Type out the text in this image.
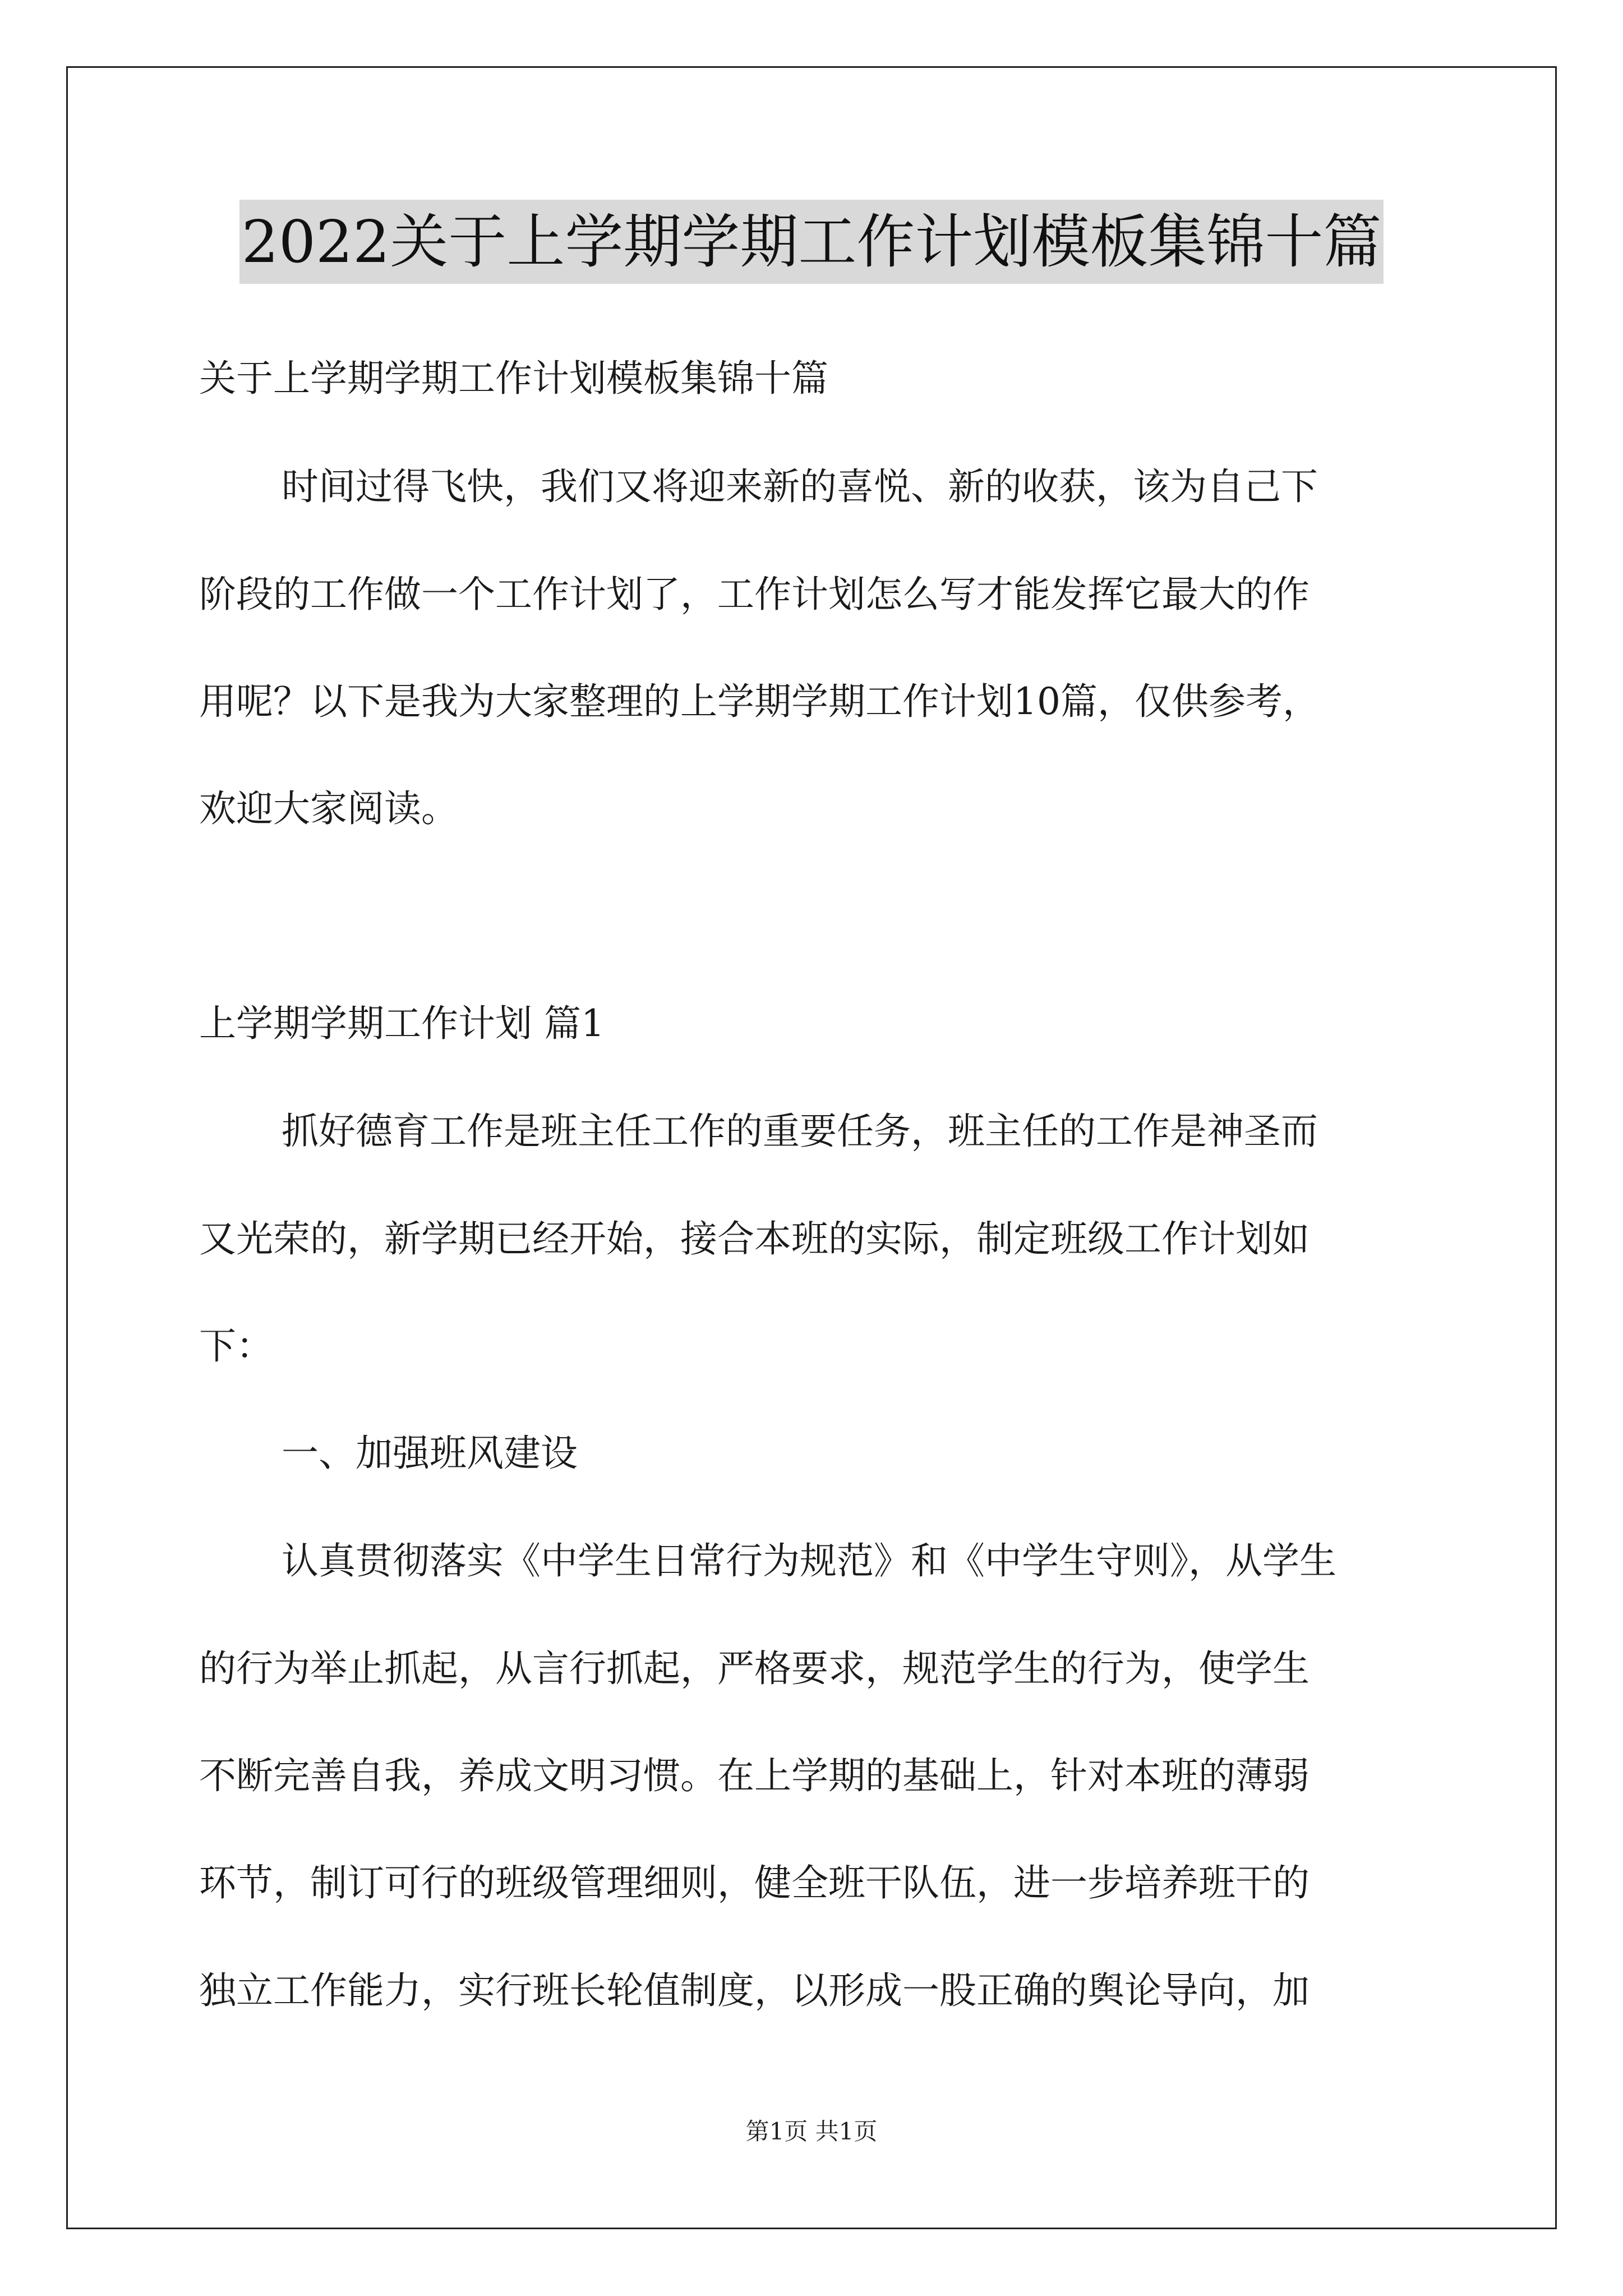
2022关于上学期学期工作计划模板集锦十篇
关于上学期学期工作计划模板集锦十篇
时间过得飞快，我们又将迎来新的喜悦、新的收获，该为自己下
阶段的工作做一个工作计划了，工作计划怎么写才能发挥它最大的作
用呢？以下是我为大家整理的上学期学期工作计划10篇，仅供参考，
欢迎大家阅读。
上学期学期工作计划 篇1
抓好德育工作是班主任工作的重要任务，班主任的工作是神圣而
又光荣的，新学期已经开始，接合本班的实际，制定班级工作计划如
下：
一、加强班风建设
认真贯彻落实《中学生日常行为规范》和《中学生守则》，从学生
的行为举止抓起，从言行抓起，严格要求，规范学生的行为，使学生
不断完善自我，养成文明习惯。在上学期的基础上，针对本班的薄弱
环节，制订可行的班级管理细则，健全班干队伍，进一步培养班干的
独立工作能力，实行班长轮值制度，以形成一股正确的舆论导向，加
第1页 共1页
